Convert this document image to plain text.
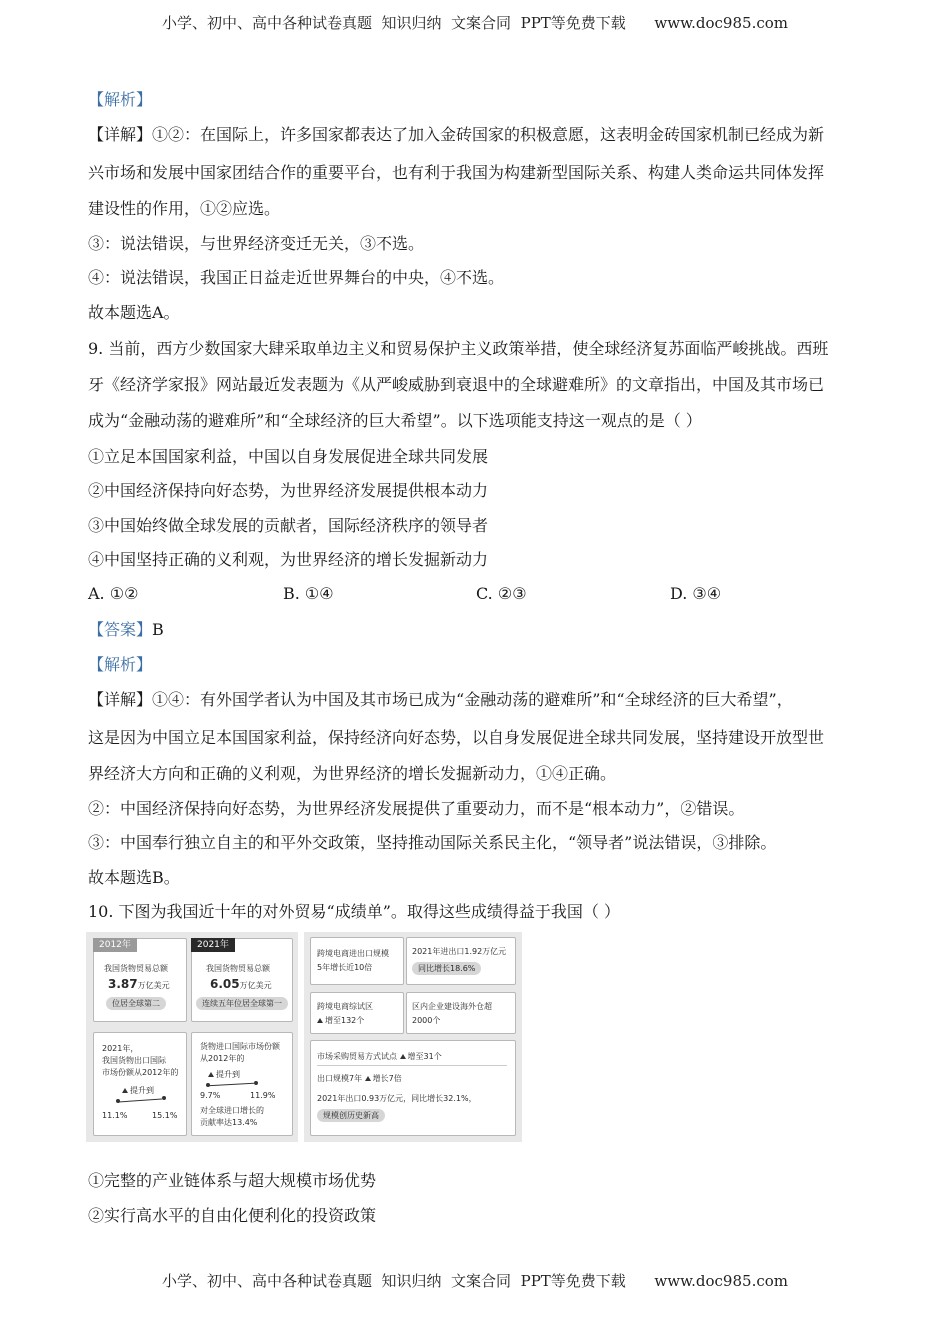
小学、初中、高中各种试卷真题  知识归纳  文案合同  PPT等免费下载      www.doc985.com
【解析】
【详解】①②：在国际上，许多国家都表达了加入金砖国家的积极意愿，这表明金砖国家机制已经成为新
兴市场和发展中国家团结合作的重要平台，也有利于我国为构建新型国际关系、构建人类命运共同体发挥
建设性的作用，①②应选。
③：说法错误，与世界经济变迁无关，③不选。
④：说法错误，我国正日益走近世界舞台的中央，④不选。
故本题选A。
9. 当前，西方少数国家大肆采取单边主义和贸易保护主义政策举措，使全球经济复苏面临严峻挑战。西班
牙《经济学家报》网站最近发表题为《从严峻威胁到衰退中的全球避难所》的文章指出，中国及其市场已
成为“金融动荡的避难所”和“全球经济的巨大希望”。以下选项能支持这一观点的是（ ）
①立足本国国家利益，中国以自身发展促进全球共同发展
②中国经济保持向好态势，为世界经济发展提供根本动力
③中国始终做全球发展的贡献者，国际经济秩序的领导者
④中国坚持正确的义利观，为世界经济的增长发掘新动力
A. ①②	B. ①④	C. ②③	D. ③④
【答案】B
【解析】
【详解】①④：有外国学者认为中国及其市场已成为“金融动荡的避难所”和“全球经济的巨大希望”，
这是因为中国立足本国国家利益，保持经济向好态势，以自身发展促进全球共同发展，坚持建设开放型世
界经济大方向和正确的义利观，为世界经济的增长发掘新动力，①④正确。
②：中国经济保持向好态势，为世界经济发展提供了重要动力，而不是“根本动力”，②错误。
③：中国奉行独立自主的和平外交政策，坚持推动国际关系民主化，“领导者”说法错误，③排除。
故本题选B。
10. 下图为我国近十年的对外贸易“成绩单”。取得这些成绩得益于我国（ ）
2012年
我国货物贸易总额
3.87万亿美元
位居全球第二
2021年
我国货物贸易总额
6.05万亿美元
连续五年位居全球第一
2021年，
我国货物出口国际
市场份额从2012年的
提升到
11.1%	15.1%
货物进口国际市场份额
从2012年的
提升到
9.7%	11.9%
对全球进口增长的
贡献率达13.4%
跨境电商进出口规模
5年增长近10倍
2021年进出口1.92万亿元
同比增长18.6%
跨境电商综试区
增至132个
区内企业建设海外仓超
2000个
市场采购贸易方式试点 增至31个
出口规模7年 增长7倍
2021年出口0.93万亿元，同比增长32.1%，
规模创历史新高
①完整的产业链体系与超大规模市场优势
②实行高水平的自由化便利化的投资政策
小学、初中、高中各种试卷真题  知识归纳  文案合同  PPT等免费下载      www.doc985.com
